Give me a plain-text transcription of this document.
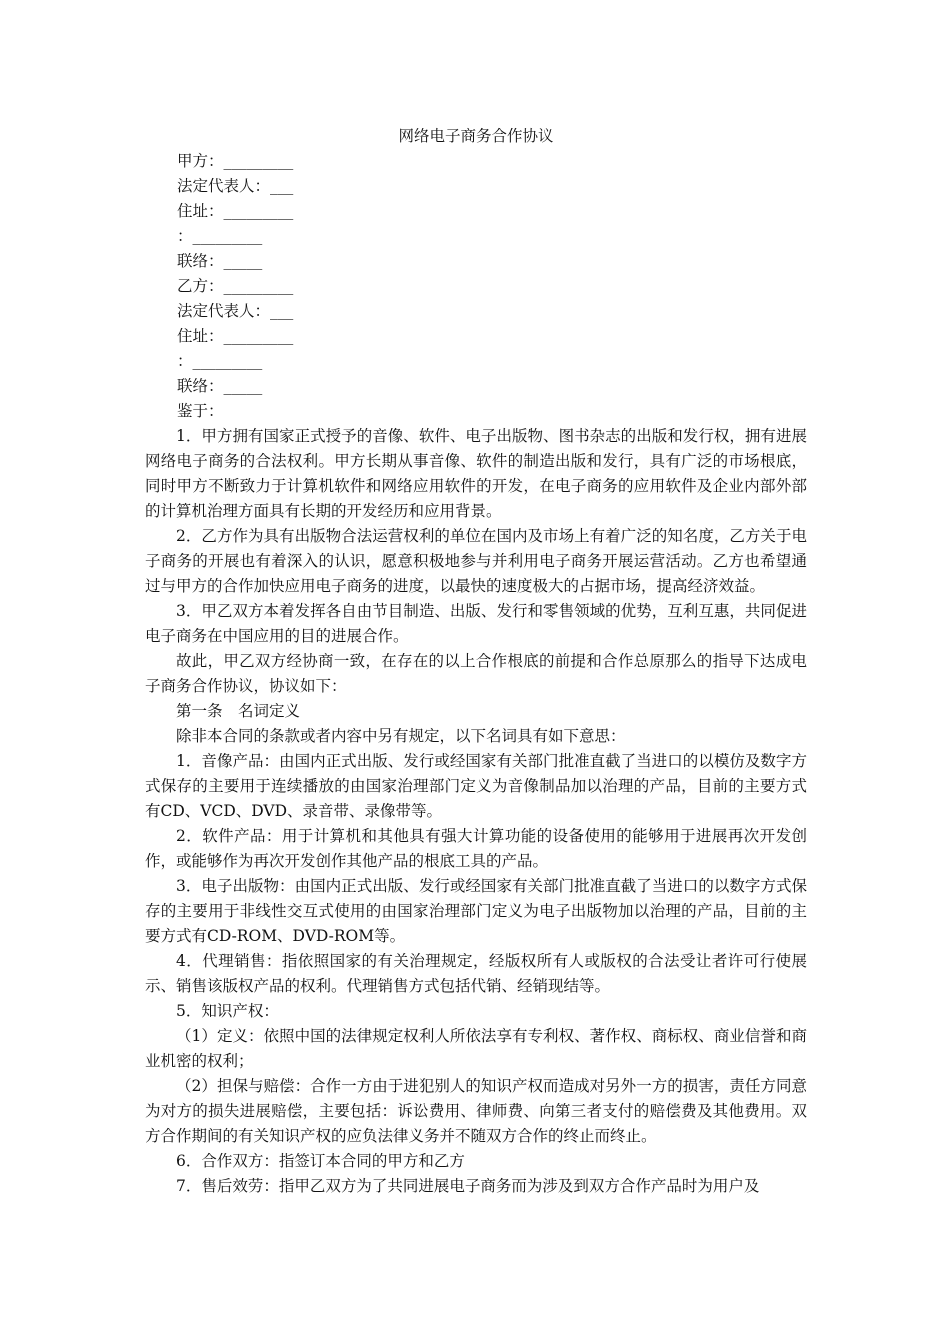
网络电子商务合作协议

甲方：_________

法定代表人：___

住址：_________

：_________

联络：_____

乙方：_________

法定代表人：___

住址：_________

：_________

联络：_____

鉴于：

1．甲方拥有国家正式授予的音像、软件、电子出版物、图书杂志的出版和发行权，拥有进展网络电子商务的合法权利。甲方长期从事音像、软件的制造出版和发行，具有广泛的市场根底，同时甲方不断致力于计算机软件和网络应用软件的开发，在电子商务的应用软件及企业内部外部的计算机治理方面具有长期的开发经历和应用背景。

2．乙方作为具有出版物合法运营权利的单位在国内及市场上有着广泛的知名度，乙方关于电子商务的开展也有着深入的认识，愿意积极地参与并利用电子商务开展运营活动。乙方也希望通过与甲方的合作加快应用电子商务的进度，以最快的速度极大的占据市场，提高经济效益。

3．甲乙双方本着发挥各自由节目制造、出版、发行和零售领域的优势，互利互惠，共同促进电子商务在中国应用的目的进展合作。

故此，甲乙双方经协商一致，在存在的以上合作根底的前提和合作总原那么的指导下达成电子商务合作协议，协议如下：

第一条　名词定义

除非本合同的条款或者内容中另有规定，以下名词具有如下意思：

1．音像产品：由国内正式出版、发行或经国家有关部门批准直截了当进口的以模仿及数字方式保存的主要用于连续播放的由国家治理部门定义为音像制品加以治理的产品，目前的主要方式有CD、VCD、DVD、录音带、录像带等。

2．软件产品：用于计算机和其他具有强大计算功能的设备使用的能够用于进展再次开发创作，或能够作为再次开发创作其他产品的根底工具的产品。

3．电子出版物：由国内正式出版、发行或经国家有关部门批准直截了当进口的以数字方式保存的主要用于非线性交互式使用的由国家治理部门定义为电子出版物加以治理的产品，目前的主要方式有CD-ROM、DVD-ROM等。

4．代理销售：指依照国家的有关治理规定，经版权所有人或版权的合法受让者许可行使展示、销售该版权产品的权利。代理销售方式包括代销、经销现结等。

5．知识产权：

（1）定义：依照中国的法律规定权利人所依法享有专利权、著作权、商标权、商业信誉和商业机密的权利；

（2）担保与赔偿：合作一方由于进犯别人的知识产权而造成对另外一方的损害，责任方同意为对方的损失进展赔偿，主要包括：诉讼费用、律师费、向第三者支付的赔偿费及其他费用。双方合作期间的有关知识产权的应负法律义务并不随双方合作的终止而终止。

6．合作双方：指签订本合同的甲方和乙方

7．售后效劳：指甲乙双方为了共同进展电子商务而为涉及到双方合作产品时为用户及
